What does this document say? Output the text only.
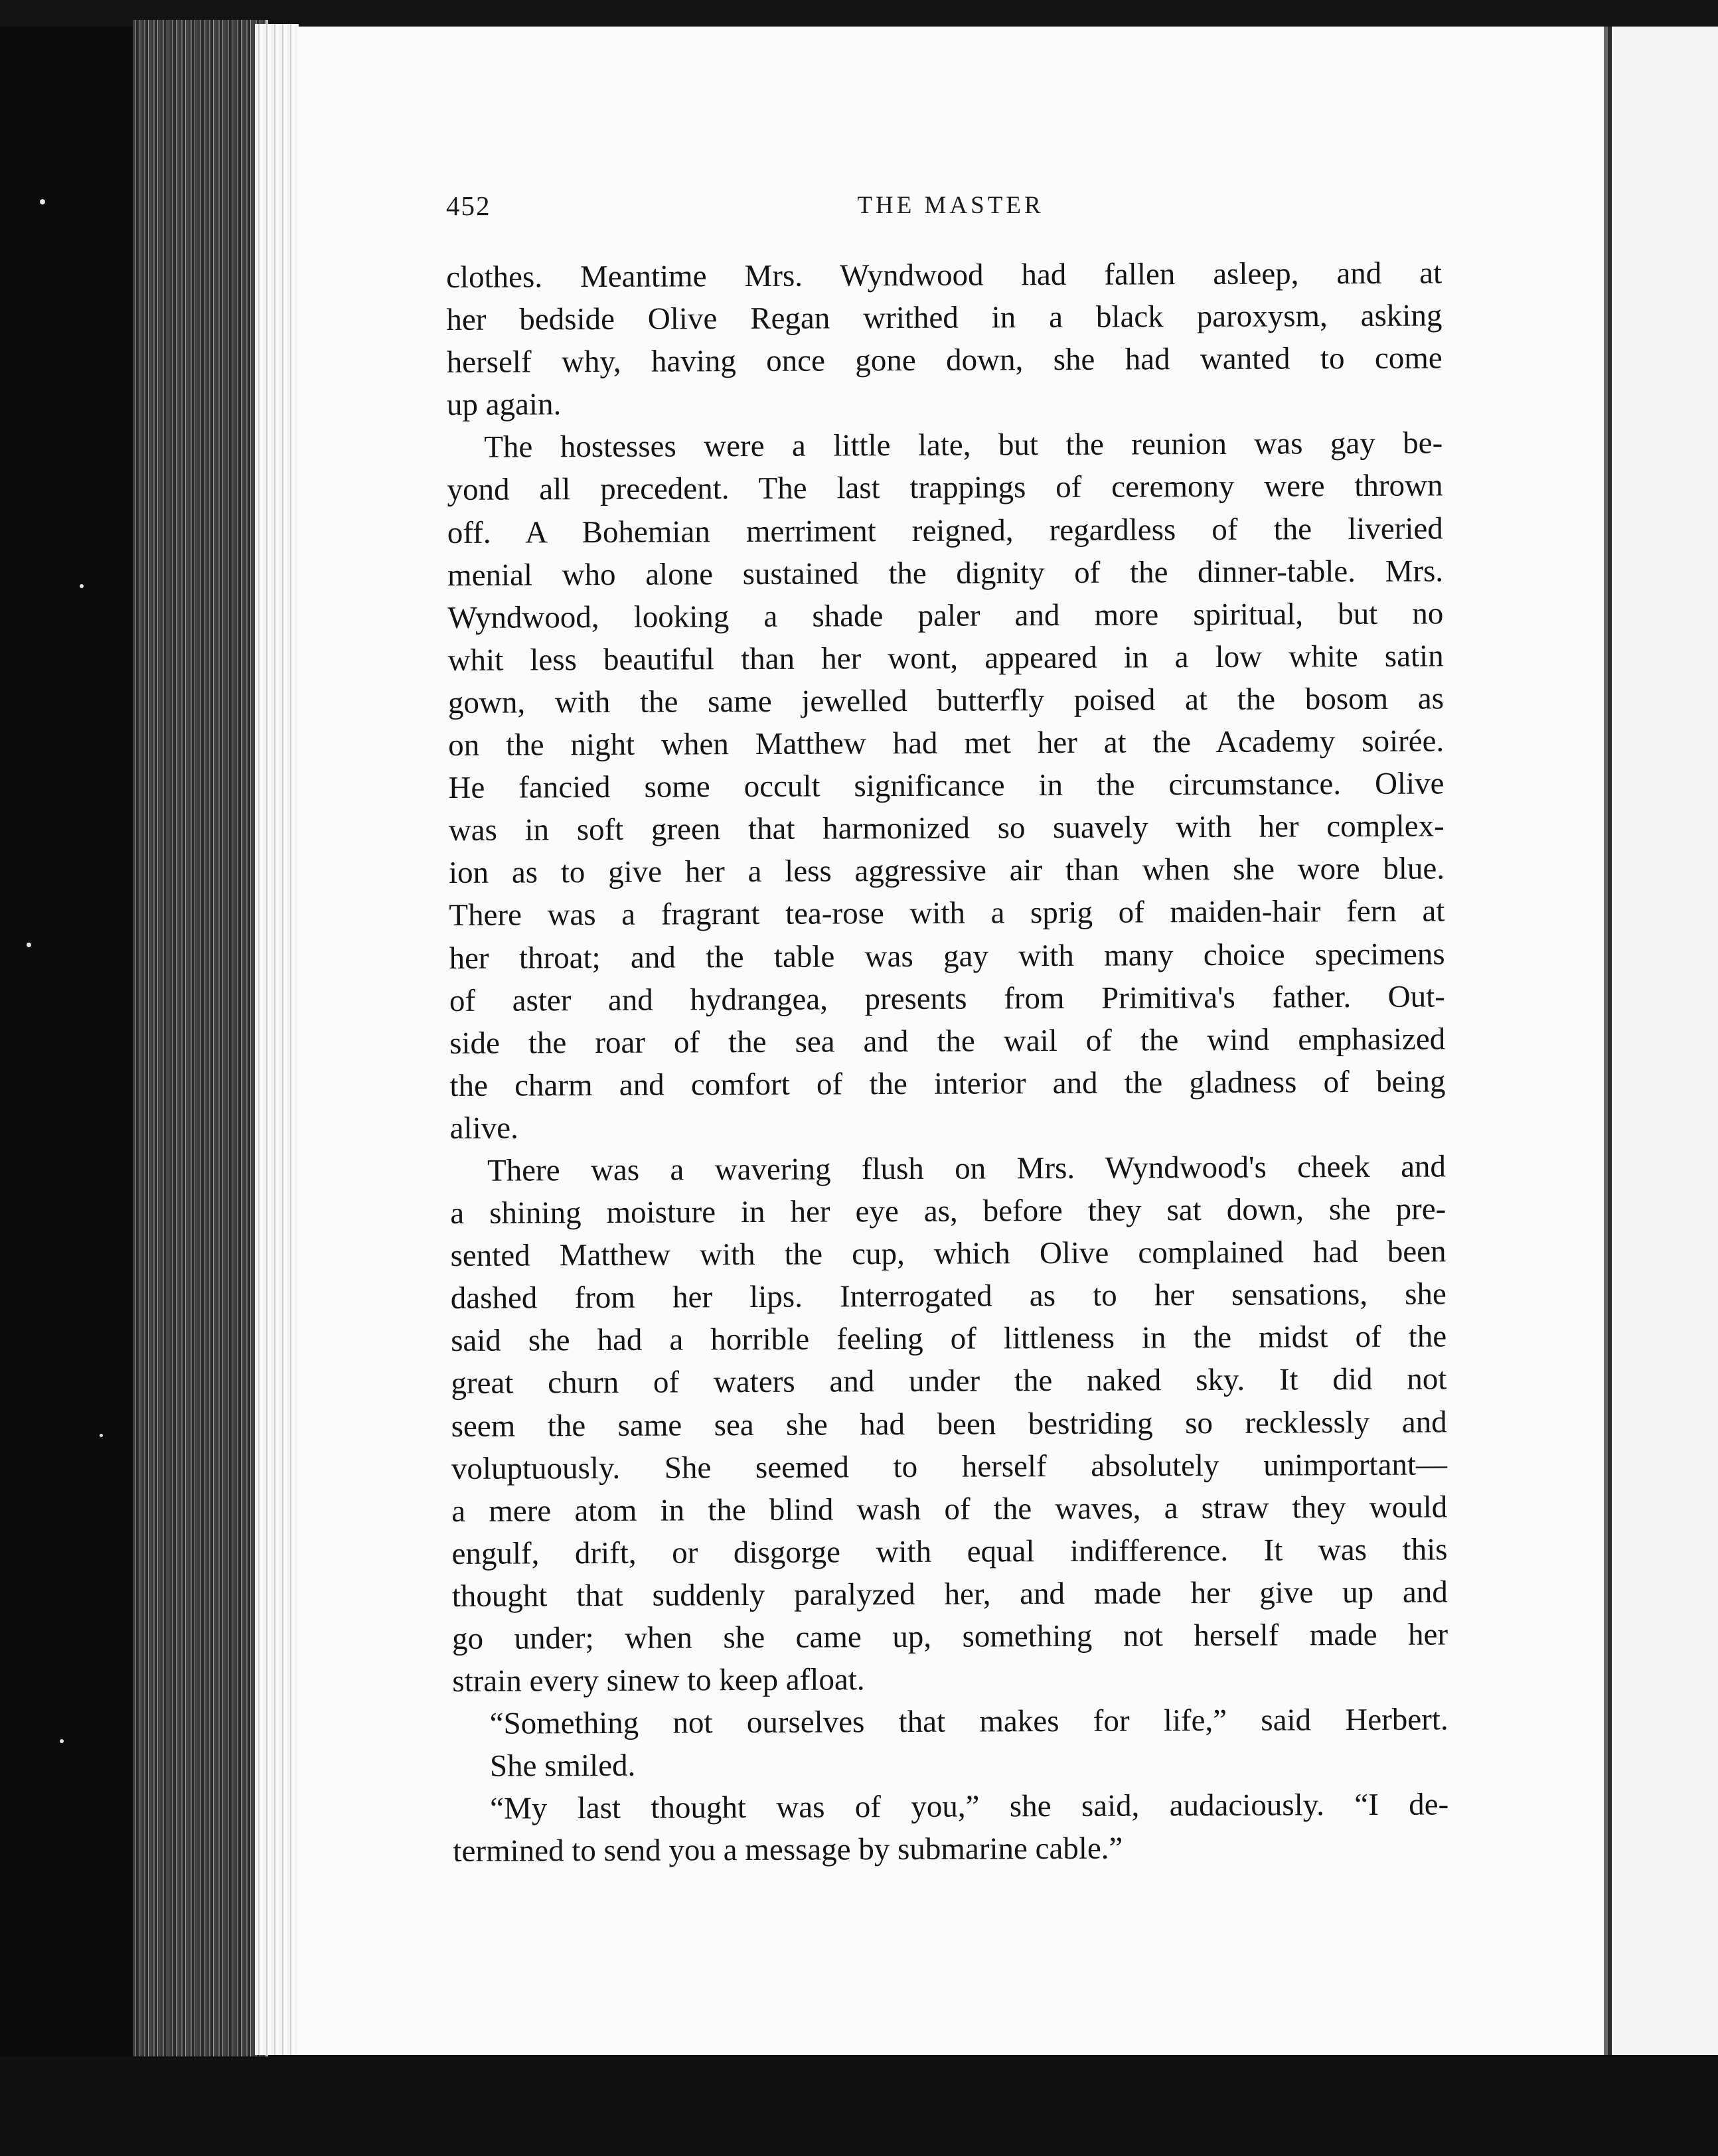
452	THE MASTER
clothes. Meantime Mrs. Wyndwood had fallen asleep, and at
her bedside Olive Regan writhed in a black paroxysm, asking
herself why, having once gone down, she had wanted to come
up again.
The hostesses were a little late, but the reunion was gay be-
yond all precedent. The last trappings of ceremony were thrown
off. A Bohemian merriment reigned, regardless of the liveried
menial who alone sustained the dignity of the dinner-table. Mrs.
Wyndwood, looking a shade paler and more spiritual, but no
whit less beautiful than her wont, appeared in a low white satin
gown, with the same jewelled butterfly poised at the bosom as
on the night when Matthew had met her at the Academy soirée.
He fancied some occult significance in the circumstance. Olive
was in soft green that harmonized so suavely with her complex-
ion as to give her a less aggressive air than when she wore blue.
There was a fragrant tea-rose with a sprig of maiden-hair fern at
her throat; and the table was gay with many choice specimens
of aster and hydrangea, presents from Primitiva's father. Out-
side the roar of the sea and the wail of the wind emphasized
the charm and comfort of the interior and the gladness of being
alive.
There was a wavering flush on Mrs. Wyndwood's cheek and
a shining moisture in her eye as, before they sat down, she pre-
sented Matthew with the cup, which Olive complained had been
dashed from her lips. Interrogated as to her sensations, she
said she had a horrible feeling of littleness in the midst of the
great churn of waters and under the naked sky. It did not
seem the same sea she had been bestriding so recklessly and
voluptuously. She seemed to herself absolutely unimportant—
a mere atom in the blind wash of the waves, a straw they would
engulf, drift, or disgorge with equal indifference. It was this
thought that suddenly paralyzed her, and made her give up and
go under; when she came up, something not herself made her
strain every sinew to keep afloat.
“Something not ourselves that makes for life,” said Herbert.
She smiled.
“My last thought was of you,” she said, audaciously. “I de-
termined to send you a message by submarine cable.”
